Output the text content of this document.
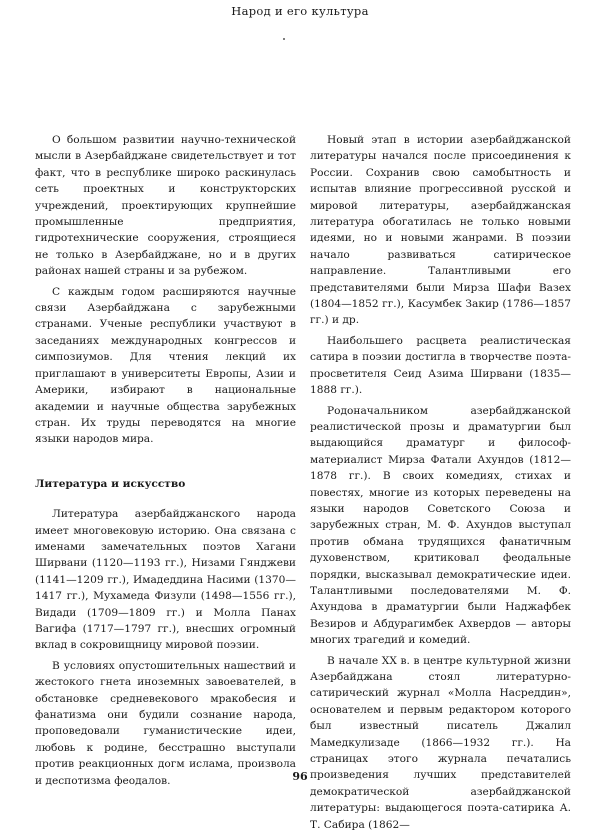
Народ и его культура

О большом развитии научно-технической мысли в Азербайджане свидетельствует и тот факт, что в республике широко раскинулась сеть проектных и конструкторских учреждений, проектирующих крупнейшие промышленные предприятия, гидротехнические сооружения, строящиеся не только в Азербайджане, но и в других районах нашей страны и за рубежом.

С каждым годом расширяются научные связи Азербайджана с зарубежными странами. Ученые республики участвуют в заседаниях международных конгрессов и симпозиумов. Для чтения лекций их приглашают в университеты Европы, Азии и Америки, избирают в национальные академии и научные общества зарубежных стран. Их труды переводятся на многие языки народов мира.

Литература и искусство

Литература азербайджанского народа имеет многовековую историю. Она связана с именами замечательных поэтов Хагани Ширвани (1120—1193 гг.), Низами Гянджеви (1141—1209 гг.), Имадеддина Насими (1370—1417 гг.), Мухамеда Физули (1498—1556 гг.), Видади (1709—1809 гг.) и Молла Панах Вагифа (1717—1797 гг.), внесших огромный вклад в сокровищницу мировой поэзии.

В условиях опустошительных нашествий и жестокого гнета иноземных завоевателей, в обстановке средневекового мракобесия и фанатизма они будили сознание народа, проповедовали гуманистические идеи, любовь к родине, бесстрашно выступали против реакционных догм ислама, произвола и деспотизма феодалов.

Новый этап в истории азербайджанской литературы начался после присоединения к России. Сохранив свою самобытность и испытав влияние прогрессивной русской и мировой литературы, азербайджанская литература обогатилась не только новыми идеями, но и новыми жанрами. В поэзии начало развиваться сатирическое направление. Талантливыми его представителями были Мирза Шафи Вазех (1804—1852 гг.), Касумбек Закир (1786—1857 гг.) и др.

Наибольшего расцвета реалистическая сатира в поэзии достигла в творчестве поэта-просветителя Сеид Азима Ширвани (1835—1888 гг.).

Родоначальником азербайджанской реалистической прозы и драматургии был выдающийся драматург и философ-материалист Мирза Фатали Ахундов (1812—1878 гг.). В своих комедиях, стихах и повестях, многие из которых переведены на языки народов Советского Союза и зарубежных стран, М. Ф. Ахундов выступал против обмана трудящихся фанатичным духовенством, критиковал феодальные порядки, высказывал демократические идеи. Талантливыми последователями М. Ф. Ахундова в драматургии были Наджафбек Везиров и Абдурагимбек Ахвердов — авторы многих трагедий и комедий.

В начале XX в. в центре культурной жизни Азербайджана стоял литературно-сатирический журнал «Молла Насреддин», основателем и первым редактором которого был известный писатель Джалил Мамедкулизаде (1866—1932 гг.). На страницах этого журнала печатались произведения лучших представителей демократической азербайджанской литературы: выдающегося поэта-сатирика А. Т. Сабира (1862—

96
